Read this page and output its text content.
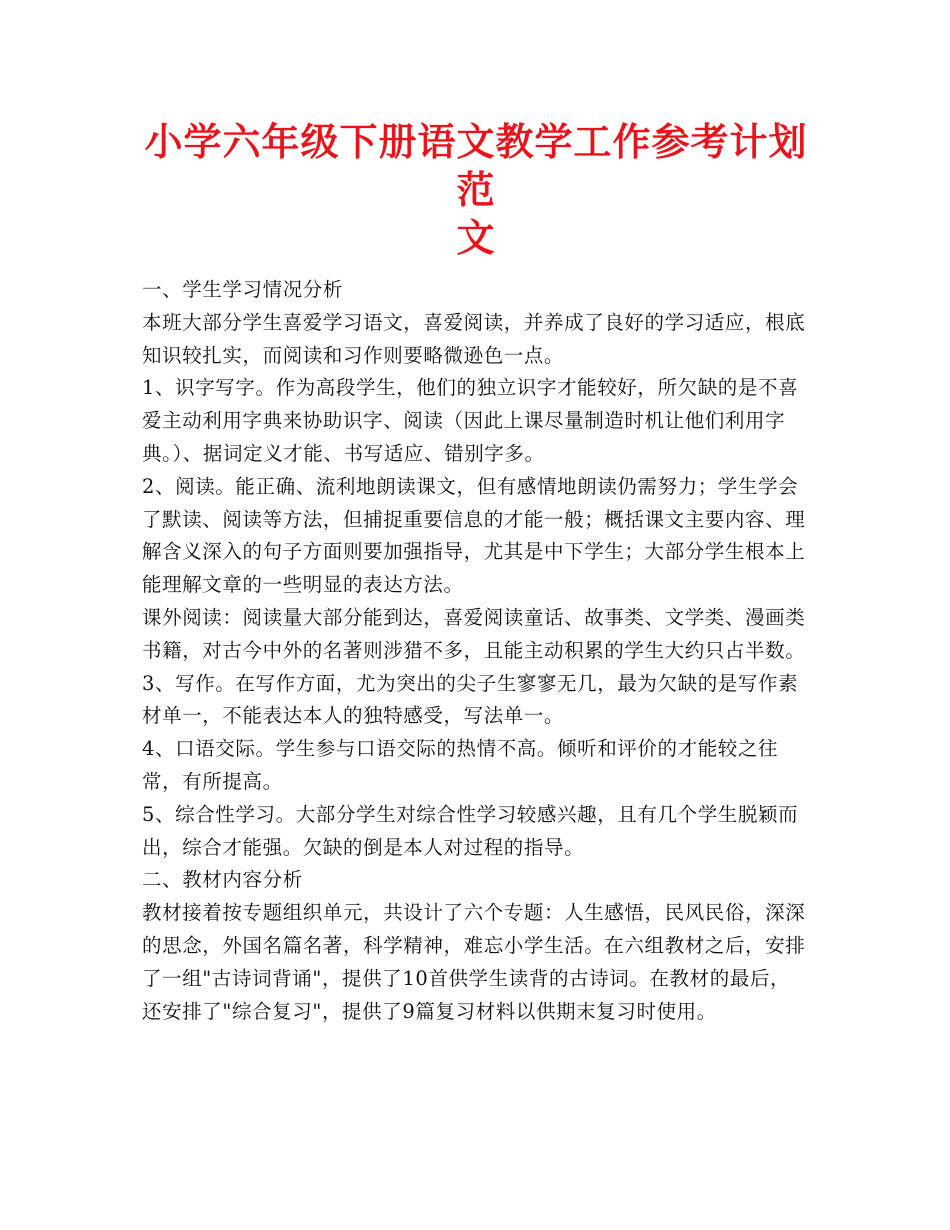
小学六年级下册语文教学工作参考计划范
文

一、学生学习情况分析

本班大部分学生喜爱学习语文，喜爱阅读，并养成了良好的学习适应，根底知识较扎实，而阅读和习作则要略微逊色一点。

1、识字写字。作为高段学生，他们的独立识字才能较好，所欠缺的是不喜爱主动利用字典来协助识字、阅读（因此上课尽量制造时机让他们利用字典。）、据词定义才能、书写适应、错别字多。

2、阅读。能正确、流利地朗读课文，但有感情地朗读仍需努力；学生学会了默读、阅读等方法，但捕捉重要信息的才能一般；概括课文主要内容、理解含义深入的句子方面则要加强指导，尤其是中下学生；大部分学生根本上能理解文章的一些明显的表达方法。

课外阅读：阅读量大部分能到达，喜爱阅读童话、故事类、文学类、漫画类书籍，对古今中外的名著则涉猎不多，且能主动积累的学生大约只占半数。

3、写作。在写作方面，尤为突出的尖子生寥寥无几，最为欠缺的是写作素材单一，不能表达本人的独特感受，写法单一。

4、口语交际。学生参与口语交际的热情不高。倾听和评价的才能较之往常，有所提高。

5、综合性学习。大部分学生对综合性学习较感兴趣，且有几个学生脱颖而出，综合才能强。欠缺的倒是本人对过程的指导。

二、教材内容分析

教材接着按专题组织单元，共设计了六个专题：人生感悟，民风民俗，深深的思念，外国名篇名著，科学精神，难忘小学生活。在六组教材之后，安排了一组"古诗词背诵"，提供了10首供学生读背的古诗词。在教材的最后，还安排了"综合复习"，提供了9篇复习材料以供期末复习时使用。
